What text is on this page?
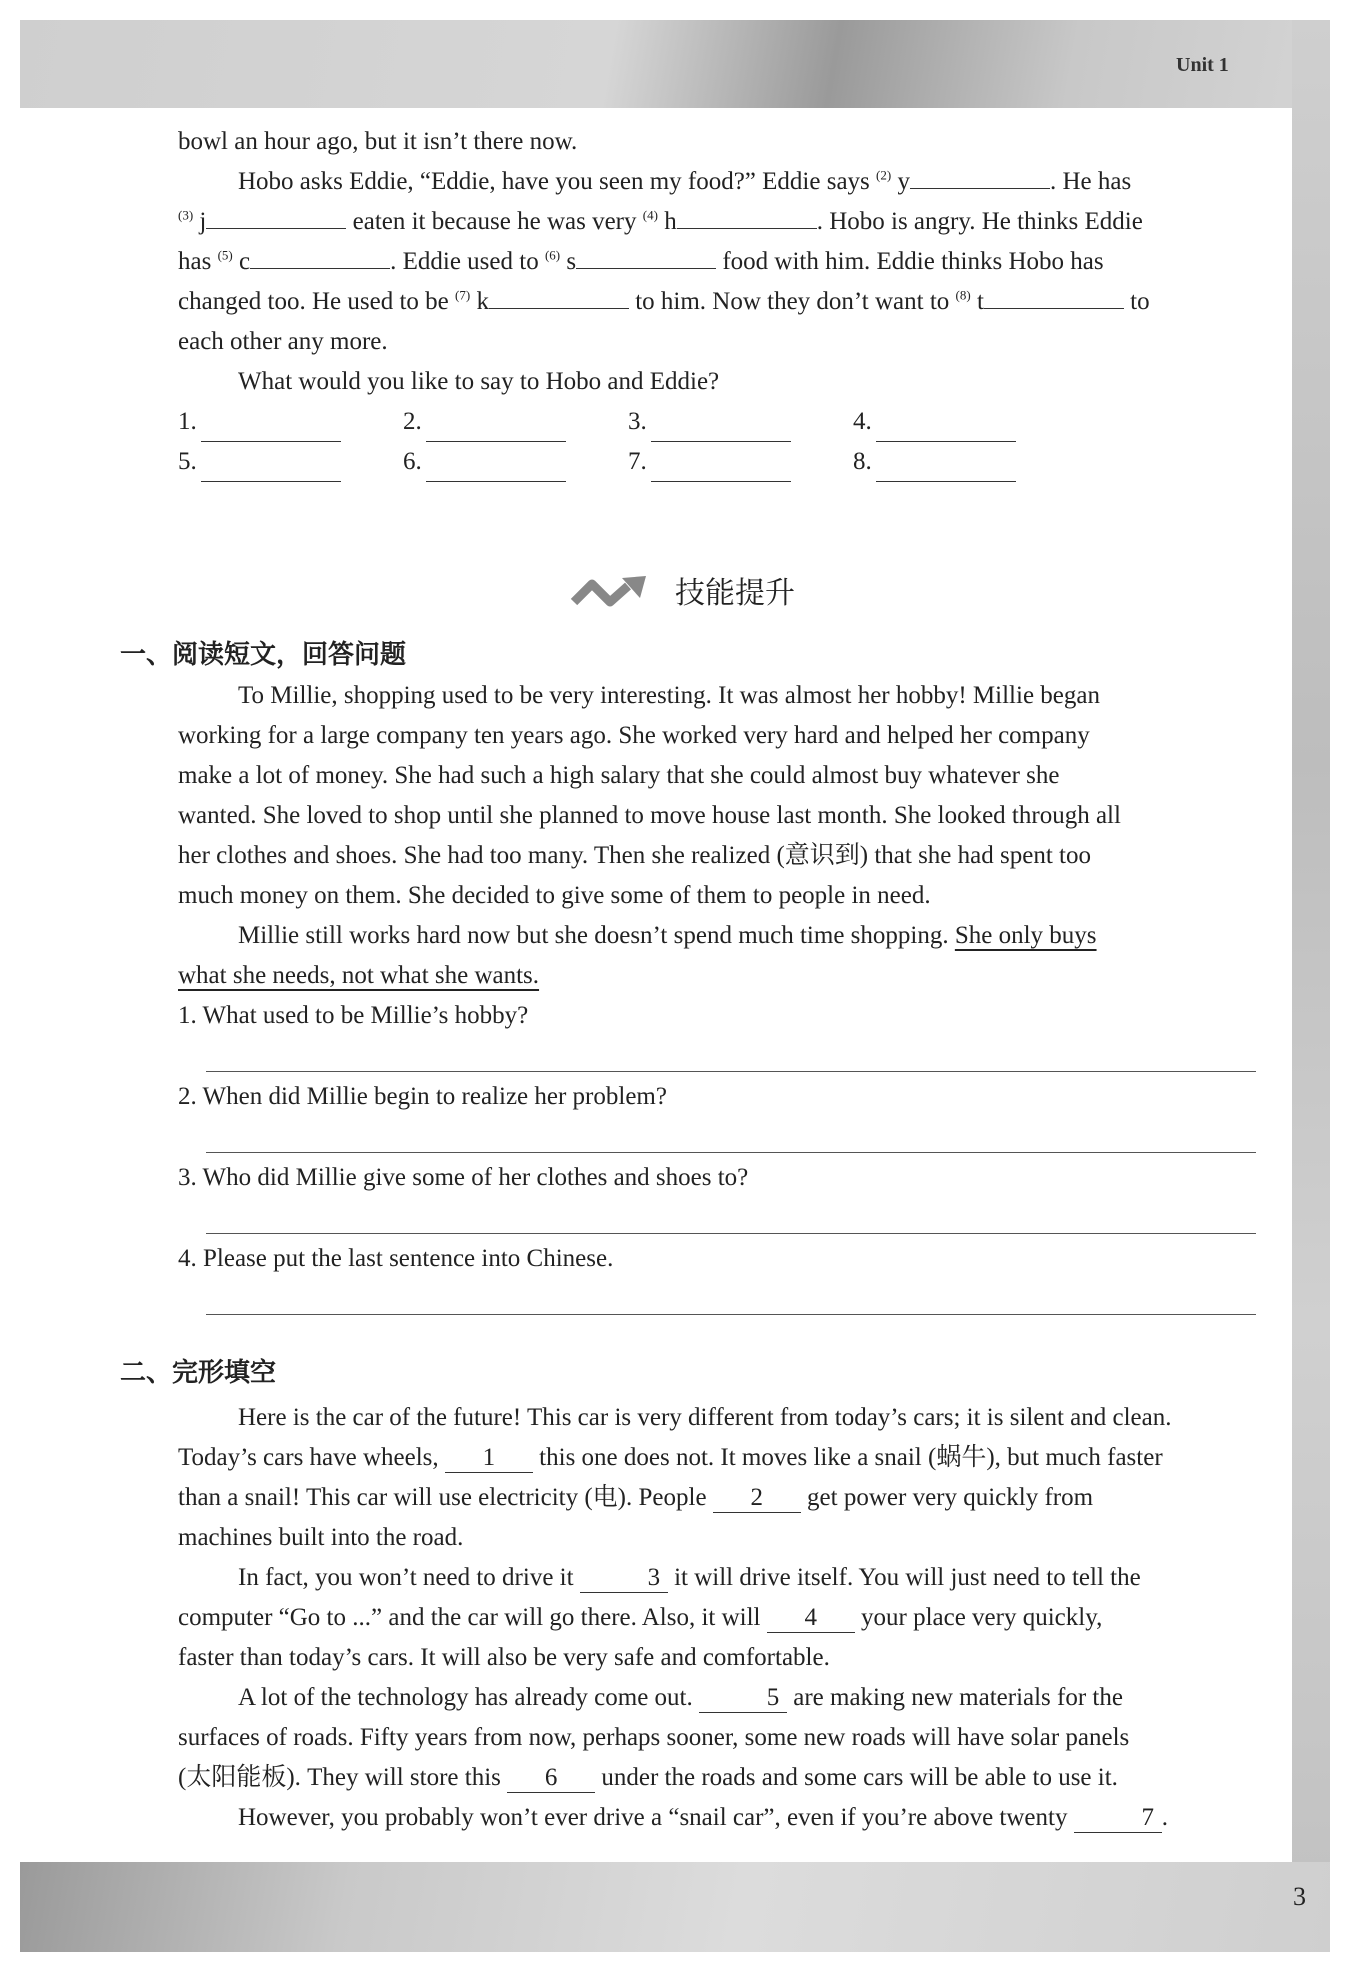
Unit 1
3

bowl an hour ago, but it isn’t there now.

Hobo asks Eddie, “Eddie, have you seen my food?” Eddie says $^{(2)}$ y	. He has

$^{(3)}$ j	eaten it because he was very $^{(4)}$ h	. Hobo is angry. He thinks Eddie

has $^{(5)}$ c	. Eddie used to $^{(6)}$ s	food with him. Eddie thinks Hobo has

changed too. He used to be $^{(7)}$ k	to him. Now they don’t want to $^{(8)}$ t	to

each other any more.

What would you like to say to Hobo and Eddie?

1.	2.	3.	4.
5.	6.	7.	8.
技能提升
一、阅读短文，回答问题

To Millie, shopping used to be very interesting. It was almost her hobby! Millie began

working for a large company ten years ago. She worked very hard and helped her company

make a lot of money. She had such a high salary that she could almost buy whatever she

wanted. She loved to shop until she planned to move house last month. She looked through all

her clothes and shoes. She had too many. Then she realized (意识到) that she had spent too

much money on them. She decided to give some of them to people in need.

Millie still works hard now but she doesn’t spend much time shopping. She only buys

what she needs, not what she wants.

1. What used to be Millie’s hobby?

2. When did Millie begin to realize her problem?

3. Who did Millie give some of her clothes and shoes to?

4. Please put the last sentence into Chinese.

二、完形填空

Here is the car of the future! This car is very different from today’s cars; it is silent and clean.

Today’s cars have wheels, 1 this one does not. It moves like a snail (蜗牛), but much faster

than a snail! This car will use electricity (电). People 2 get power very quickly from

machines built into the road.

In fact, you won’t need to drive it	3 it will drive itself. You will just need to tell the

computer “Go to ...” and the car will go there. Also, it will 4 your place very quickly,

faster than today’s cars. It will also be very safe and comfortable.

A lot of the technology has already come out.	5 are making new materials for the

surfaces of roads. Fifty years from now, perhaps sooner, some new roads will have solar panels

(太阳能板). They will store this 6 under the roads and some cars will be able to use it.

However, you probably won’t ever drive a “snail car”, even if you’re above twenty	7 .
